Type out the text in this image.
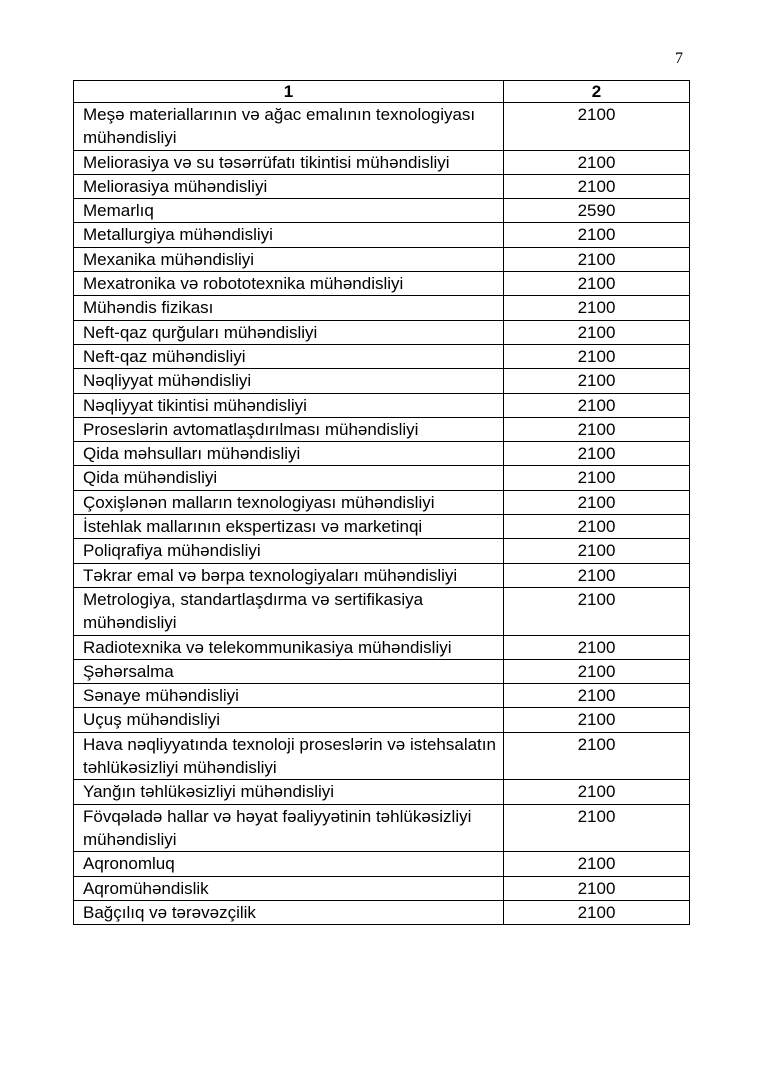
7
1	2
Meşə materiallarının və ağac emalının texnologiyası mühəndisliyi	2100
Meliorasiya və su təsərrüfatı tikintisi mühəndisliyi	2100
Meliorasiya mühəndisliyi	2100
Memarlıq	2590
Metallurgiya mühəndisliyi	2100
Mexanika mühəndisliyi	2100
Mexatronika və robototexnika mühəndisliyi	2100
Mühəndis fizikası	2100
Neft-qaz qurğuları mühəndisliyi	2100
Neft-qaz mühəndisliyi	2100
Nəqliyyat mühəndisliyi	2100
Nəqliyyat tikintisi mühəndisliyi	2100
Proseslərin avtomatlaşdırılması mühəndisliyi	2100
Qida məhsulları mühəndisliyi	2100
Qida mühəndisliyi	2100
Çoxişlənən malların texnologiyası mühəndisliyi	2100
İstehlak mallarının ekspertizası və marketinqi	2100
Poliqrafiya mühəndisliyi	2100
Təkrar emal və bərpa texnologiyaları mühəndisliyi	2100
Metrologiya, standartlaşdırma və sertifikasiya mühəndisliyi	2100
Radiotexnika və telekommunikasiya mühəndisliyi	2100
Şəhərsalma	2100
Sənaye mühəndisliyi	2100
Uçuş mühəndisliyi	2100
Hava nəqliyyatında texnoloji proseslərin və istehsalatın təhlükəsizliyi mühəndisliyi	2100
Yanğın təhlükəsizliyi mühəndisliyi	2100
Fövqəladə hallar və həyat fəaliyyətinin təhlükəsizliyi mühəndisliyi	2100
Aqronomluq	2100
Aqromühəndislik	2100
Bağçılıq və tərəvəzçilik	2100
